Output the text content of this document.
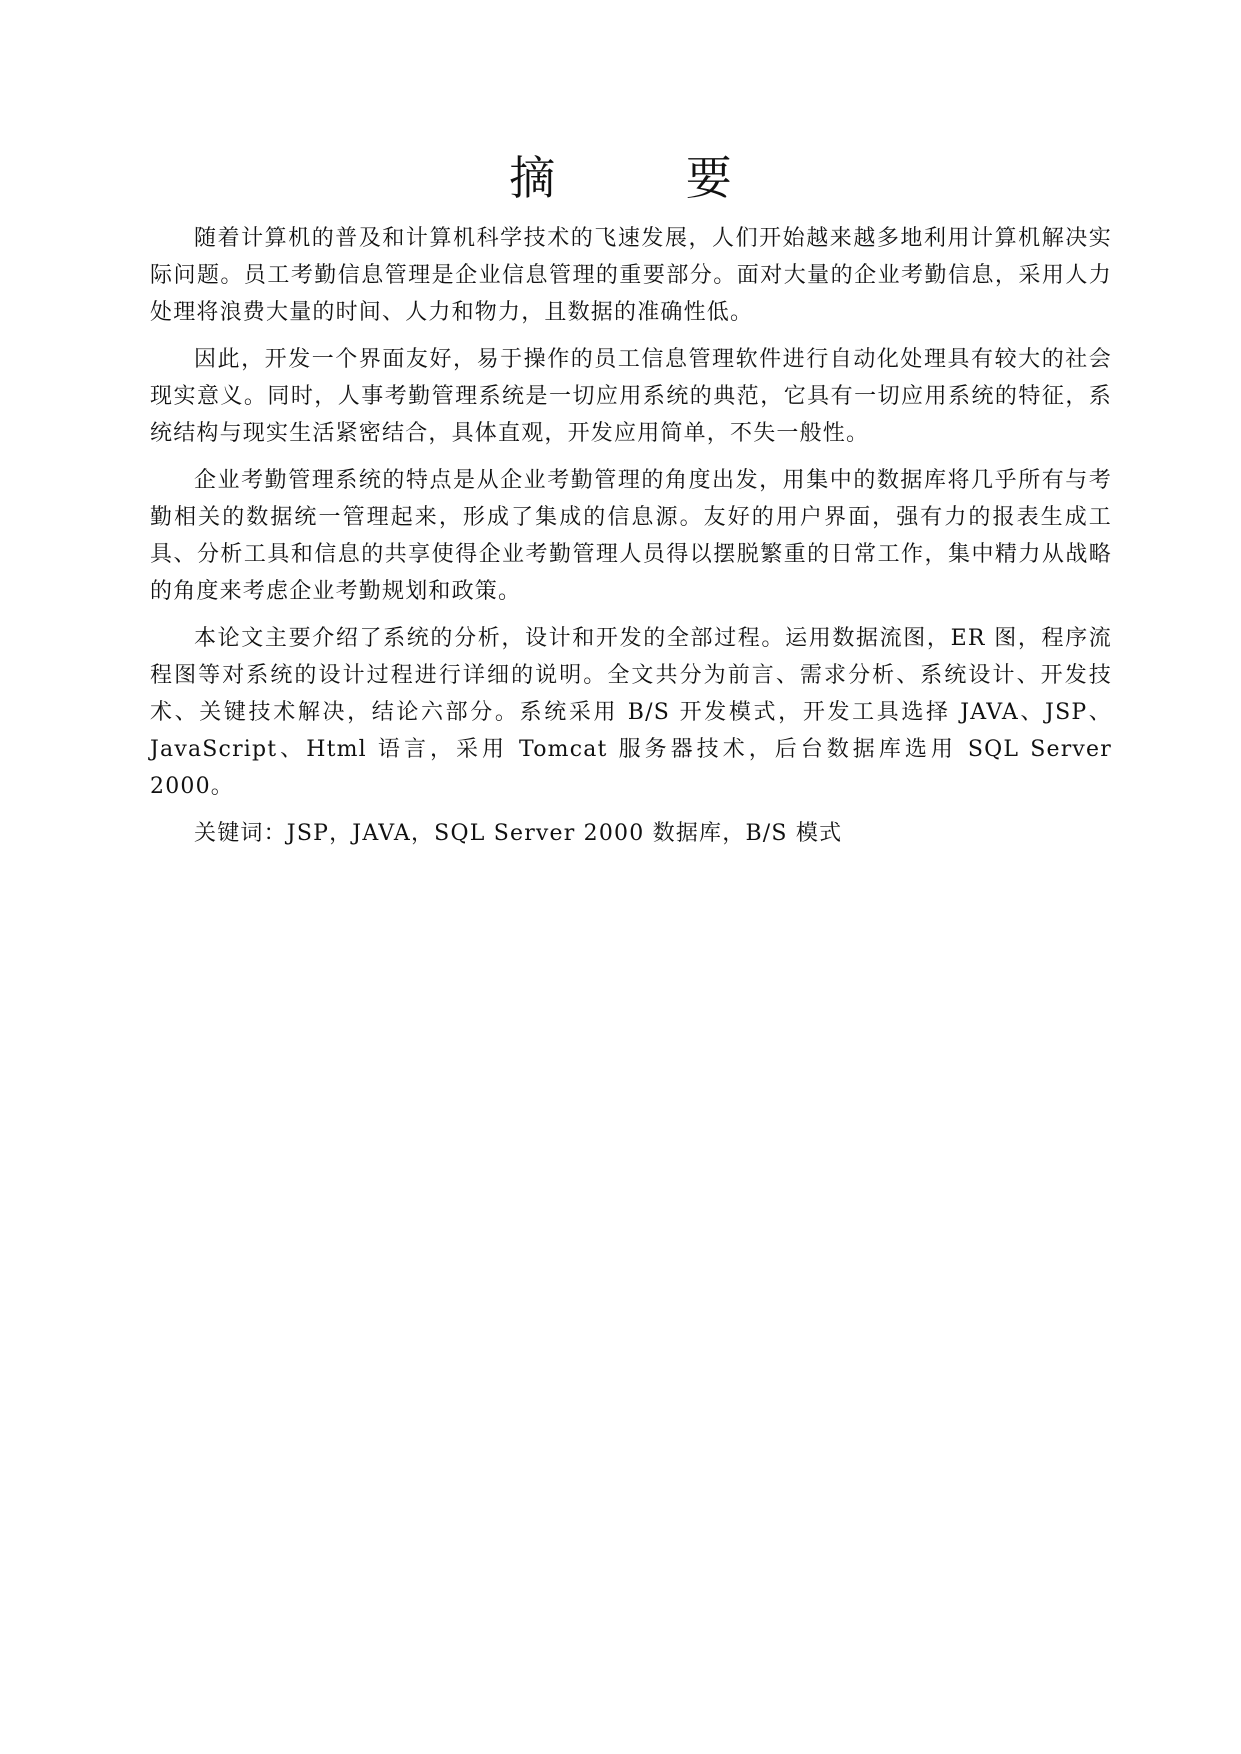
摘 要

随着计算机的普及和计算机科学技术的飞速发展，人们开始越来越多地利用计算机解决实际问题。员工考勤信息管理是企业信息管理的重要部分。面对大量的企业考勤信息，采用人力处理将浪费大量的时间、人力和物力，且数据的准确性低。

因此，开发一个界面友好，易于操作的员工信息管理软件进行自动化处理具有较大的社会现实意义。同时，人事考勤管理系统是一切应用系统的典范，它具有一切应用系统的特征，系统结构与现实生活紧密结合，具体直观，开发应用简单，不失一般性。

企业考勤管理系统的特点是从企业考勤管理的角度出发，用集中的数据库将几乎所有与考勤相关的数据统一管理起来，形成了集成的信息源。友好的用户界面，强有力的报表生成工具、分析工具和信息的共享使得企业考勤管理人员得以摆脱繁重的日常工作，集中精力从战略的角度来考虑企业考勤规划和政策。

本论文主要介绍了系统的分析，设计和开发的全部过程。运用数据流图，ER 图，程序流程图等对系统的设计过程进行详细的说明。全文共分为前言、需求分析、系统设计、开发技术、关键技术解决，结论六部分。系统采用 B/S 开发模式，开发工具选择 JAVA、JSP、JavaScript、Html 语言，采用 Tomcat 服务器技术，后台数据库选用 SQL Server 2000。

关键词：JSP，JAVA，SQL Server 2000 数据库，B/S 模式
